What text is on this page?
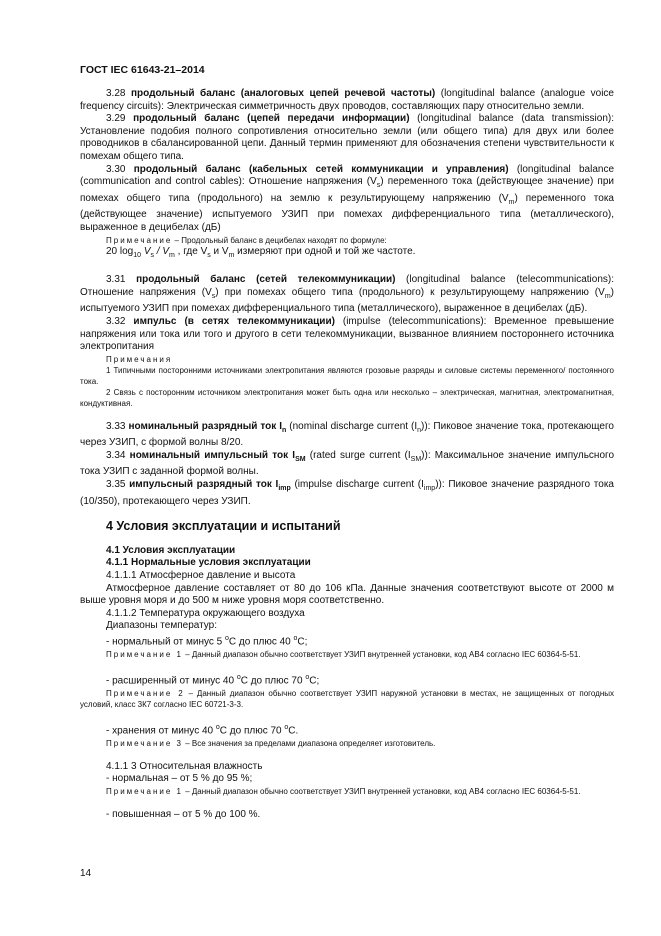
ГОСТ IEC 61643-21–2014

3.28 продольный баланс (аналоговых цепей речевой частоты) (longitudinal balance (analogue voice frequency circuits): Электрическая симметричность двух проводов, составляющих пару относительно земли.

3.29 продольный баланс (цепей передачи информации) (longitudinal balance (data transmission): Установление подобия полного сопротивления относительно земли (или общего типа) для двух или более проводников в сбалансированной цепи. Данный термин применяют для обозначения степени чувствительности к помехам общего типа.

3.30 продольный баланс (кабельных сетей коммуникации и управления) (longitudinal balance (communication and control cables): Отношение напряжения $(V_s)$ переменного тока (действующее значение) при помехах общего типа (продольного) на землю к результирующему напряжению $(V_m)$ переменного тока (действующее значение) испытуемого УЗИП при помехах дифференциального типа (металлического), выраженное в децибелах (дБ)

Примечание – Продольный баланс в децибелах находят по формуле:

20 $\log_{10} V_s / V_m$ , где $V_s$ и $V_m$ измеряют при одной и той же частоте.

3.31 продольный баланс (сетей телекоммуникации) (longitudinal balance (telecommunications): Отношение напряжения $(V_s)$ при помехах общего типа (продольного) к результирующему напряжению $(V_m)$ испытуемого УЗИП при помехах дифференциального типа (металлического), выраженное в децибелах (дБ).

3.32 импульс (в сетях телекоммуникации) (impulse (telecommunications): Временное превышение напряжения или тока или того и другого в сети телекоммуникации, вызванное влиянием постороннего источника электропитания

Примечания

1 Типичными посторонними источниками электропитания являются грозовые разряды и силовые системы переменного/ постоянного тока.

2 Связь с посторонним источником электропитания может быть одна или несколько – электрическая, магнитная, электромагнитная, кондуктивная.

3.33 номинальный разрядный ток $I_n$ (nominal discharge current $(I_n)$): Пиковое значение тока, протекающего через УЗИП, с формой волны 8/20.

3.34 номинальный импульсный ток $I_{SM}$ (rated surge current $(I_{SM})$): Максимальное значение импульсного тока УЗИП с заданной формой волны.

3.35 импульсный разрядный ток $I_{imp}$ (impulse discharge current $(I_{imp})$): Пиковое значение разрядного тока (10/350), протекающего через УЗИП.

4 Условия эксплуатации и испытаний

4.1 Условия эксплуатации

4.1.1 Нормальные условия эксплуатации

4.1.1.1 Атмосферное давление и высота

Атмосферное давление составляет от 80 до 106 кПа. Данные значения соответствуют высоте от 2000 м выше уровня моря и до 500 м ниже уровня моря соответственно.

4.1.1.2 Температура окружающего воздуха

Диапазоны температур:

- нормальный от минус 5 $^o$C до плюс 40 $^o$C;

Примечание 1 – Данный диапазон обычно соответствует УЗИП внутренней установки, код АВ4 согласно IEC 60364-5-51.

- расширенный от минус 40 $^o$C до плюс 70 $^o$C;

Примечание 2 – Данный диапазон обычно соответствует УЗИП наружной установки в местах, не защищенных от погодных условий, класс 3К7 согласно IEC 60721-3-3.

- хранения от минус 40 $^o$C до плюс 70 $^o$C.

Примечание 3 – Все значения за пределами диапазона определяет изготовитель.

4.1.1 3 Относительная влажность

- нормальная – от 5 % до 95 %;

Примечание 1 – Данный диапазон обычно соответствует УЗИП внутренней установки, код АВ4 согласно IEC 60364-5-51.

- повышенная – от 5 % до 100 %.

14
